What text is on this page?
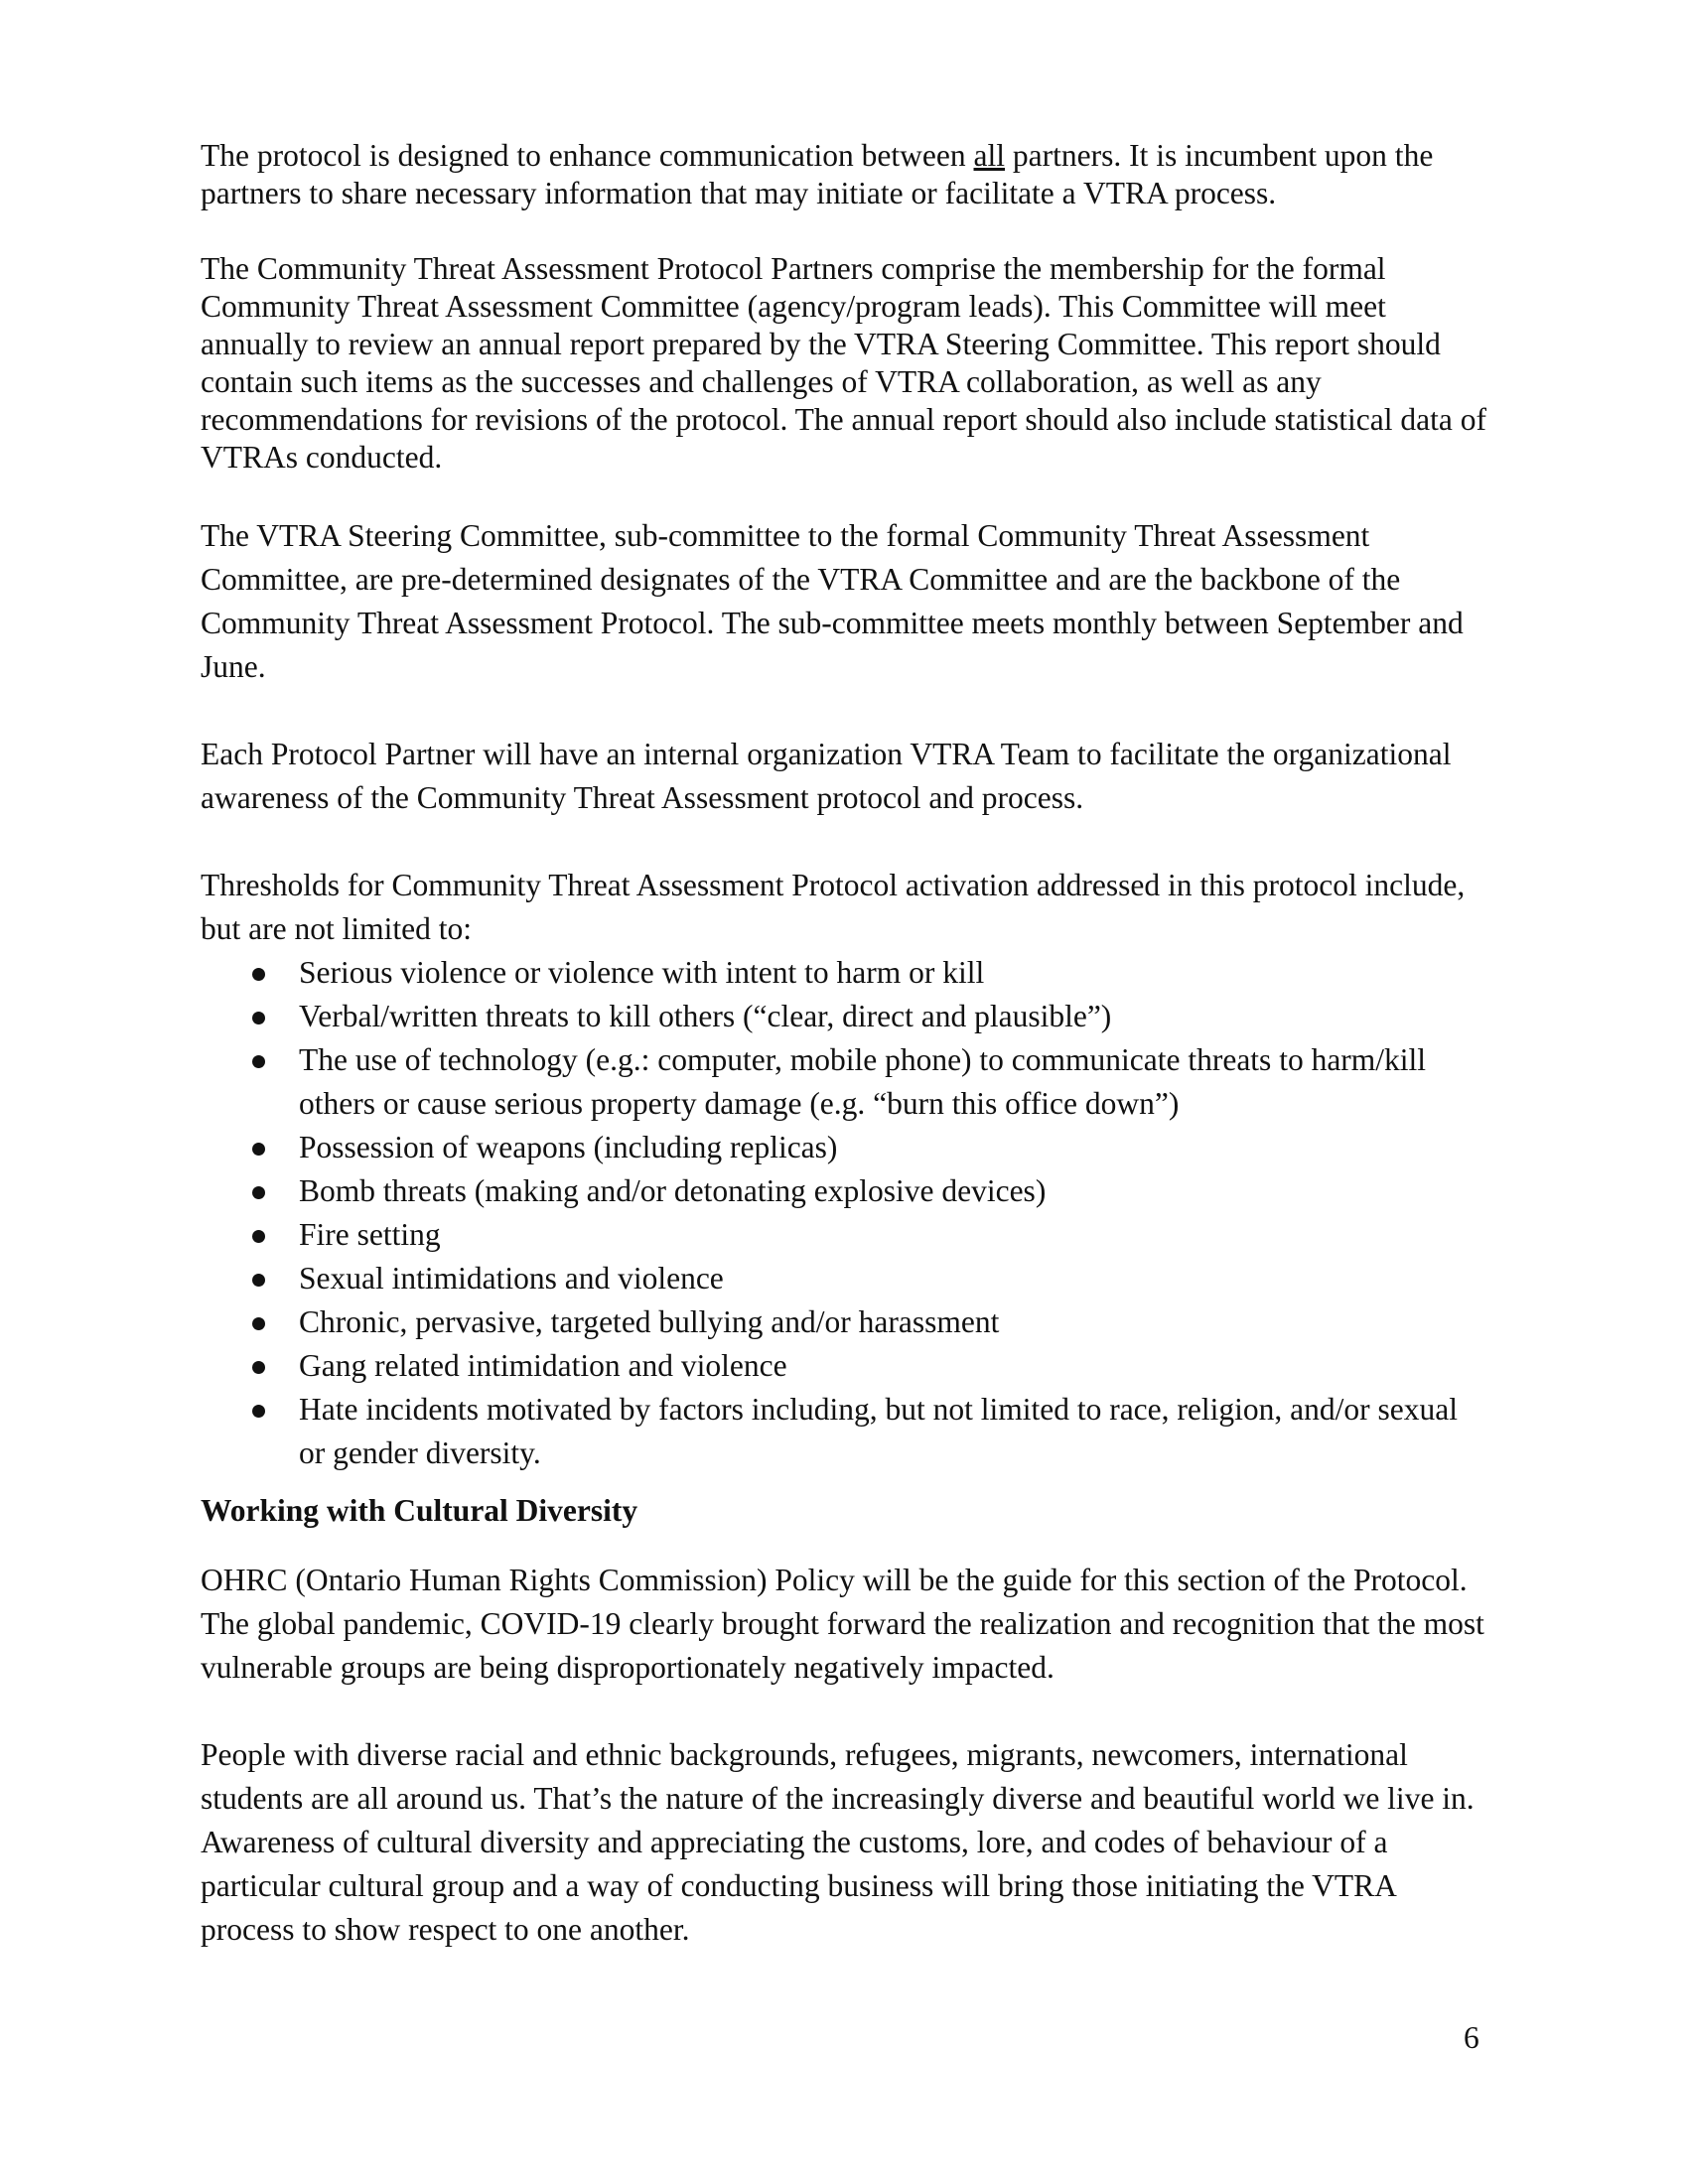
The protocol is designed to enhance communication between all partners. It is incumbent upon the partners to share necessary information that may initiate or facilitate a VTRA process.

The Community Threat Assessment Protocol Partners comprise the membership for the formal Community Threat Assessment Committee (agency/program leads). This Committee will meet annually to review an annual report prepared by the VTRA Steering Committee. This report should contain such items as the successes and challenges of VTRA collaboration, as well as any recommendations for revisions of the protocol. The annual report should also include statistical data of VTRAs conducted.

The VTRA Steering Committee, sub-committee to the formal Community Threat Assessment Committee, are pre-determined designates of the VTRA Committee and are the backbone of the Community Threat Assessment Protocol. The sub-committee meets monthly between September and June.

Each Protocol Partner will have an internal organization VTRA Team to facilitate the organizational awareness of the Community Threat Assessment protocol and process.

Thresholds for Community Threat Assessment Protocol activation addressed in this protocol include, but are not limited to:

Serious violence or violence with intent to harm or kill
Verbal/written threats to kill others (“clear, direct and plausible”)
The use of technology (e.g.: computer, mobile phone) to communicate threats to harm/kill others or cause serious property damage (e.g. “burn this office down”)
Possession of weapons (including replicas)
Bomb threats (making and/or detonating explosive devices)
Fire setting
Sexual intimidations and violence
Chronic, pervasive, targeted bullying and/or harassment
Gang related intimidation and violence
Hate incidents motivated by factors including, but not limited to race, religion, and/or sexual or gender diversity.

Working with Cultural Diversity

OHRC (Ontario Human Rights Commission) Policy will be the guide for this section of the Protocol. The global pandemic, COVID-19 clearly brought forward the realization and recognition that the most vulnerable groups are being disproportionately negatively impacted.

People with diverse racial and ethnic backgrounds, refugees, migrants, newcomers, international students are all around us. That’s the nature of the increasingly diverse and beautiful world we live in. Awareness of cultural diversity and appreciating the customs, lore, and codes of behaviour of a particular cultural group and a way of conducting business will bring those initiating the VTRA process to show respect to one another.

6
